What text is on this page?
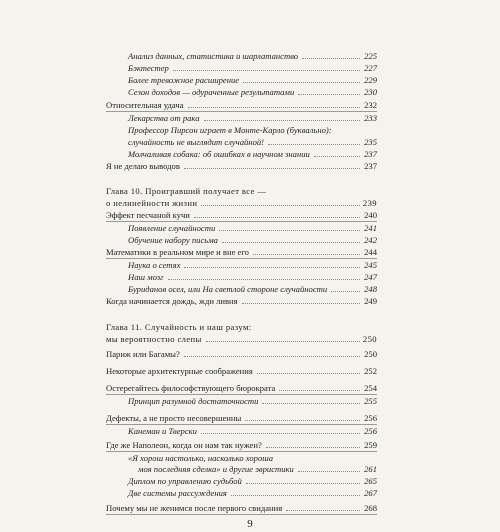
Анализ данных, статистика и шарлатанство	225
Бэктестер	227
Более тревожное расширение	229
Сезон доходов — одураченные результатами	230
Относительная удача	232
Лекарства от рака	233
Профессор Пирсон играет в Монте-Карло (буквально):
случайность не выглядит случайной!	235
Молчаливая собака: об ошибках в научном знании	237
Я не делаю выводов	237
Глава 10. Проигравший получает все —
о нелинейности жизни	239
Эффект песчаной кучи	240
Появление случайности	241
Обучение набору письма	242
Математики в реальном мире и вне его	244
Наука о сетях	245
Наш мозг	247
Буриданов осел, или На светлой стороне случайности	248
Когда начинается дождь, жди ливня	249
Глава 11. Случайность и наш разум:
мы вероятностно слепы	250
Париж или Багамы?	250
Некоторые архитектурные соображения	252
Остерегайтесь философствующего бюрократа	254
Принцип разумной достаточности	255
Дефекты, а не просто несовершенны	256
Канеман и Тверски	256
Где же Наполеон, когда он нам так нужен?	259
«Я хорош настолько, насколько хороша
моя последняя сделка» и другие эвристики	261
Диплом по управлению судьбой	265
Две системы рассуждения	267
Почему мы не женимся после первого свидания	268
9
